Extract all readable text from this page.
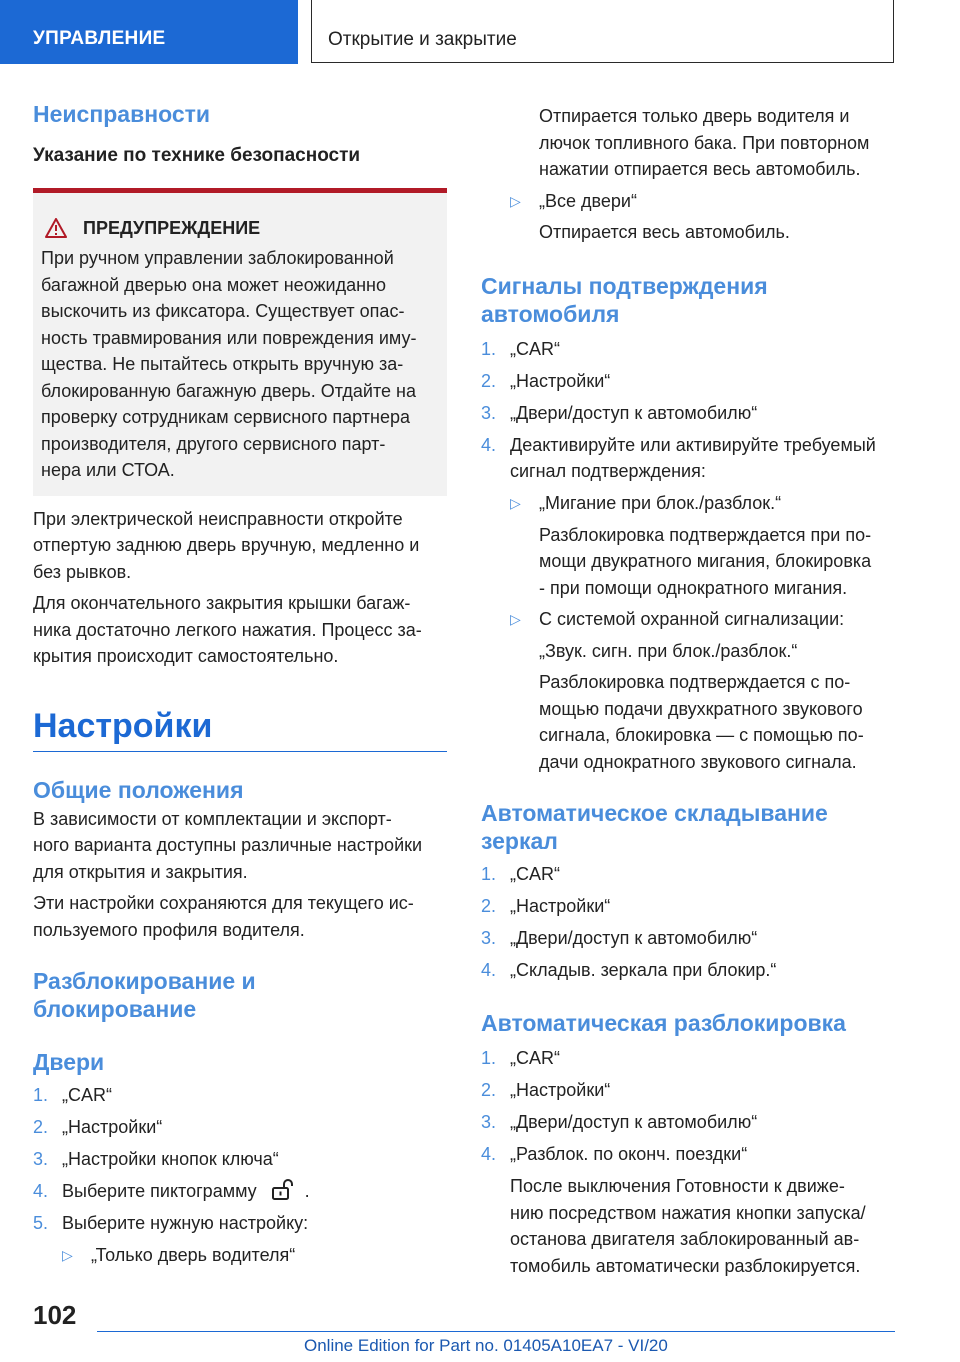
УПРАВЛЕНИЕ	Открытие и закрытие
Неисправности
Указание по технике безопасности
ПРЕДУПРЕЖДЕНИЕ

При ручном управлении заблокированной

багажной дверью она может неожиданно

выскочить из фиксатора. Существует опас-

ность травмирования или повреждения иму-

щества. Не пытайтесь открыть вручную за-

блокированную багажную дверь. Отдайте на

проверку сотрудникам сервисного партнера

производителя, другого сервисного парт-

нера или СТОА.

При электрической неисправности откройте

отпертую заднюю дверь вручную, медленно и

без рывков.

Для окончательного закрытия крышки багаж-

ника достаточно легкого нажатия. Процесс за-

крытия происходит самостоятельно.

Настройки
Общие положения

В зависимости от комплектации и экспорт-

ного варианта доступны различные настройки

для открытия и закрытия.

Эти настройки сохраняются для текущего ис-

пользуемого профиля водителя.

Разблокирование и
блокирование
Двери
1. „CAR“
2. „Настройки“
3. „Настройки кнопок ключа“
4. Выберите пиктограмму	.
5. Выберите нужную настройку:
▷	„Только дверь водителя“

Отпирается только дверь водителя и

лючок топливного бака. При повторном

нажатии отпирается весь автомобиль.

▷	„Все двери“

Отпирается весь автомобиль.

Сигналы подтверждения
автомобиля
1. „CAR“
2. „Настройки“
3. „Двери/доступ к автомобилю“
4. Деактивируйте или активируйте требуемый
сигнал подтверждения:
▷	„Мигание при блок./разблок.“

Разблокировка подтверждается при по-

мощи двукратного мигания, блокировка

- при помощи однократного мигания.

▷	С системой охранной сигнализации:

„Звук. сигн. при блок./разблок.“

Разблокировка подтверждается с по-

мощью подачи двухкратного звукового

сигнала, блокировка — с помощью по-

дачи однократного звукового сигнала.

Автоматическое складывание
зеркал
1. „CAR“
2. „Настройки“
3. „Двери/доступ к автомобилю“
4. „Складыв. зеркала при блокир.“
Автоматическая разблокировка
1. „CAR“
2. „Настройки“
3. „Двери/доступ к автомобилю“
4. „Разблок. по оконч. поездки“

После выключения Готовности к движе-

нию посредством нажатия кнопки запуска/

останова двигателя заблокированный ав-

томобиль автоматически разблокируется.

102
Online Edition for Part no. 01405A10EA7 - VI/20
